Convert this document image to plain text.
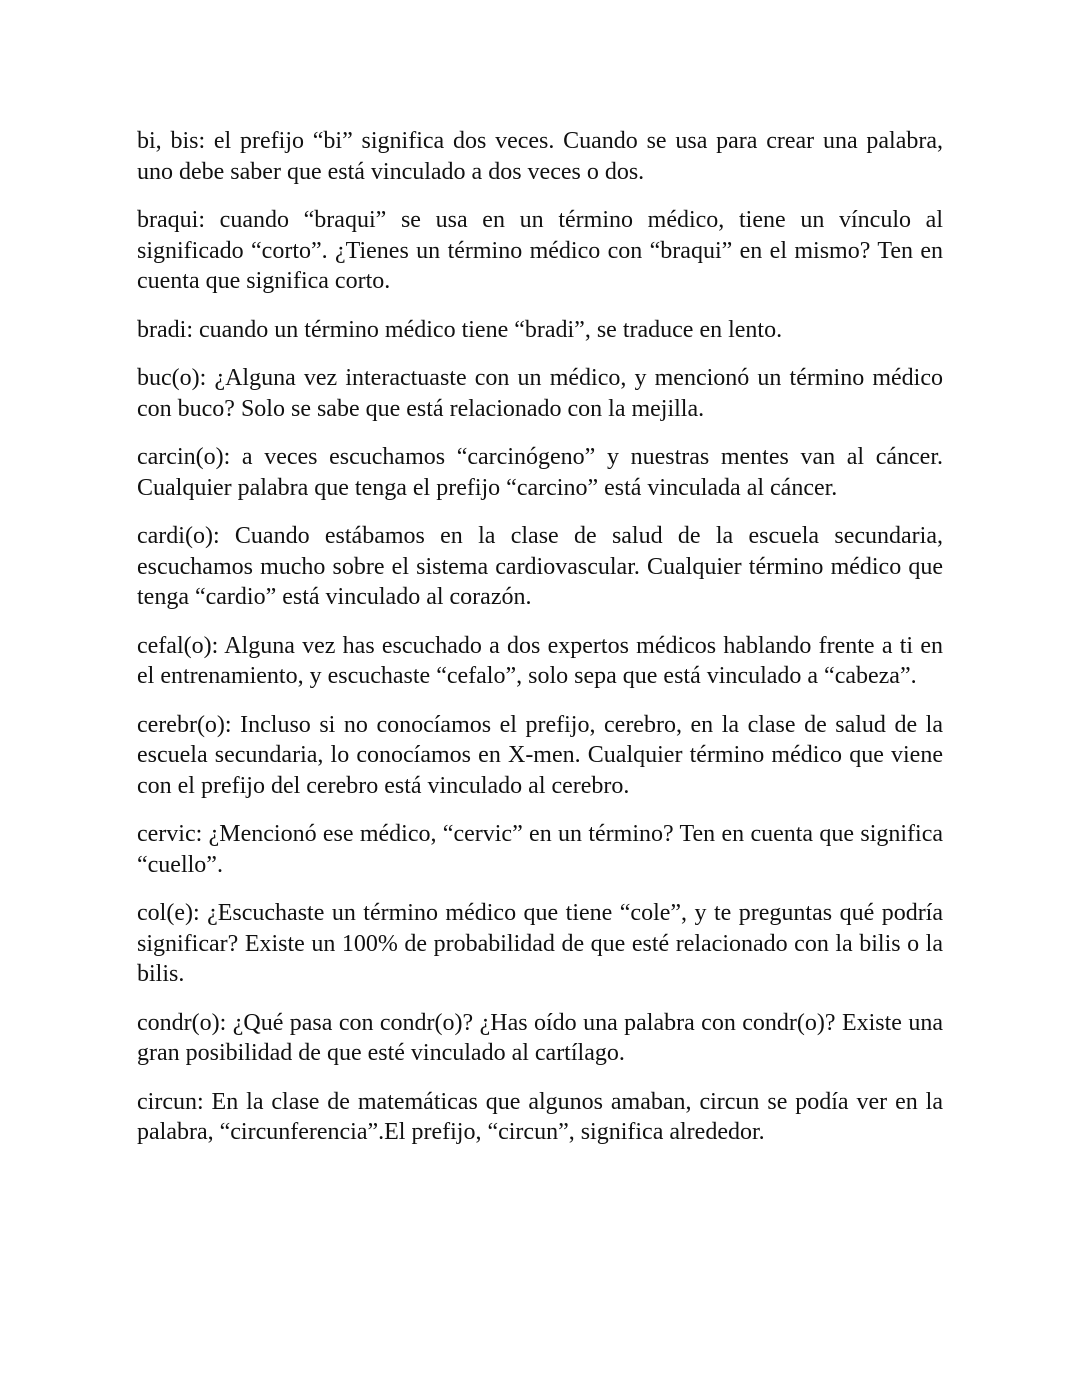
bi, bis: el prefijo “bi” significa dos veces. Cuando se usa para crear una palabra, uno debe saber que está vinculado a dos veces o dos.

braqui: cuando “braqui” se usa en un término médico, tiene un vínculo al significado “corto”. ¿Tienes un término médico con “braqui” en el mismo? Ten en cuenta que significa corto.

bradi: cuando un término médico tiene “bradi”, se traduce en lento.

buc(o): ¿Alguna vez interactuaste con un médico, y mencionó un término médico con buco? Solo se sabe que está relacionado con la mejilla.

carcin(o): a veces escuchamos “carcinógeno” y nuestras mentes van al cáncer. Cualquier palabra que tenga el prefijo “carcino” está vinculada al cáncer.

cardi(o): Cuando estábamos en la clase de salud de la escuela secundaria, escuchamos mucho sobre el sistema cardiovascular. Cualquier término médico que tenga “cardio” está vinculado al corazón.

cefal(o): Alguna vez has escuchado a dos expertos médicos hablando frente a ti en el entrenamiento, y escuchaste “cefalo”, solo sepa que está vinculado a “cabeza”.

cerebr(o): Incluso si no conocíamos el prefijo, cerebro, en la clase de salud de la escuela secundaria, lo conocíamos en X-men. Cualquier término médico que viene con el prefijo del cerebro está vinculado al cerebro.

cervic: ¿Mencionó ese médico, “cervic” en un término? Ten en cuenta que significa “cuello”.

col(e): ¿Escuchaste un término médico que tiene “cole”, y te preguntas qué podría significar? Existe un 100% de probabilidad de que esté relacionado con la bilis o la bilis.

condr(o): ¿Qué pasa con condr(o)? ¿Has oído una palabra con condr(o)? Existe una gran posibilidad de que esté vinculado al cartílago.

circun: En la clase de matemáticas que algunos amaban, circun se podía ver en la palabra, “circunferencia”.El prefijo, “circun”, significa alrededor.
